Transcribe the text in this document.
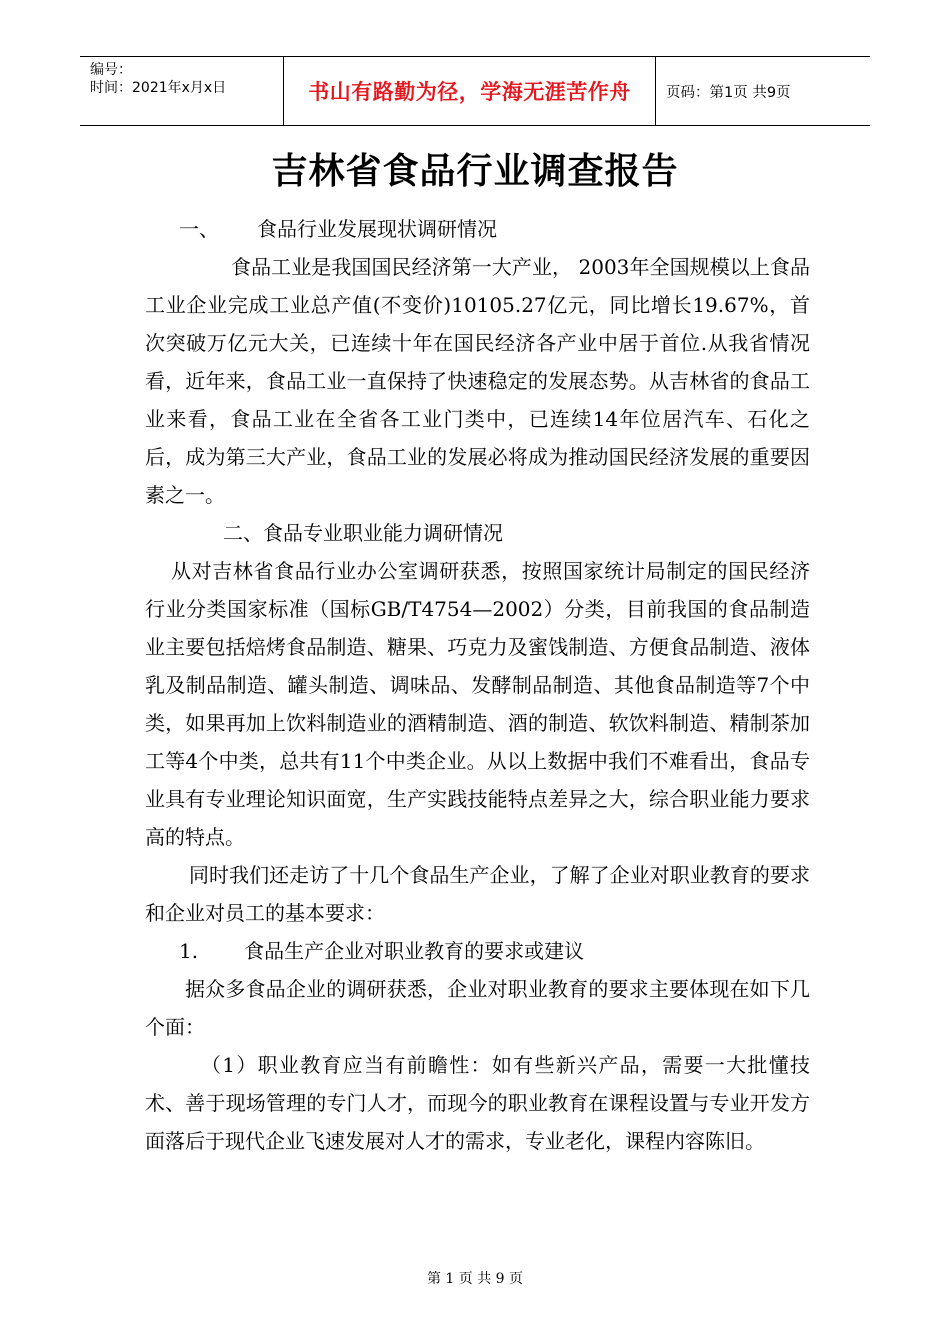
编号：
时间：2021年x月x日	书山有路勤为径，学海无涯苦作舟 页码：第1页 共9页
吉林省食品行业调查报告

一、 食品行业发展现状调研情况

食品工业是我国国民经济第一大产业， 2003年全国规模以上食品工业企业完成工业总产值(不变价)10105.27亿元，同比增长19.67%，首次突破万亿元大关，已连续十年在国民经济各产业中居于首位.从我省情况看，近年来，食品工业一直保持了快速稳定的发展态势。从吉林省的食品工业来看，食品工业在全省各工业门类中，已连续14年位居汽车、石化之后，成为第三大产业，食品工业的发展必将成为推动国民经济发展的重要因素之一。

二、食品专业职业能力调研情况

从对吉林省食品行业办公室调研获悉，按照国家统计局制定的国民经济行业分类国家标准（国标GB/T4754—2002）分类，目前我国的食品制造业主要包括焙烤食品制造、糖果、巧克力及蜜饯制造、方便食品制造、液体乳及制品制造、罐头制造、调味品、发酵制品制造、其他食品制造等7个中类，如果再加上饮料制造业的酒精制造、酒的制造、软饮料制造、精制茶加工等4个中类，总共有11个中类企业。从以上数据中我们不难看出，食品专业具有专业理论知识面宽，生产实践技能特点差异之大，综合职业能力要求高的特点。

同时我们还走访了十几个食品生产企业，了解了企业对职业教育的要求和企业对员工的基本要求：

1. 食品生产企业对职业教育的要求或建议

据众多食品企业的调研获悉，企业对职业教育的要求主要体现在如下几个面：

（1）职业教育应当有前瞻性：如有些新兴产品，需要一大批懂技术、善于现场管理的专门人才，而现今的职业教育在课程设置与专业开发方面落后于现代企业飞速发展对人才的需求，专业老化，课程内容陈旧。

第 1 页 共 9 页
